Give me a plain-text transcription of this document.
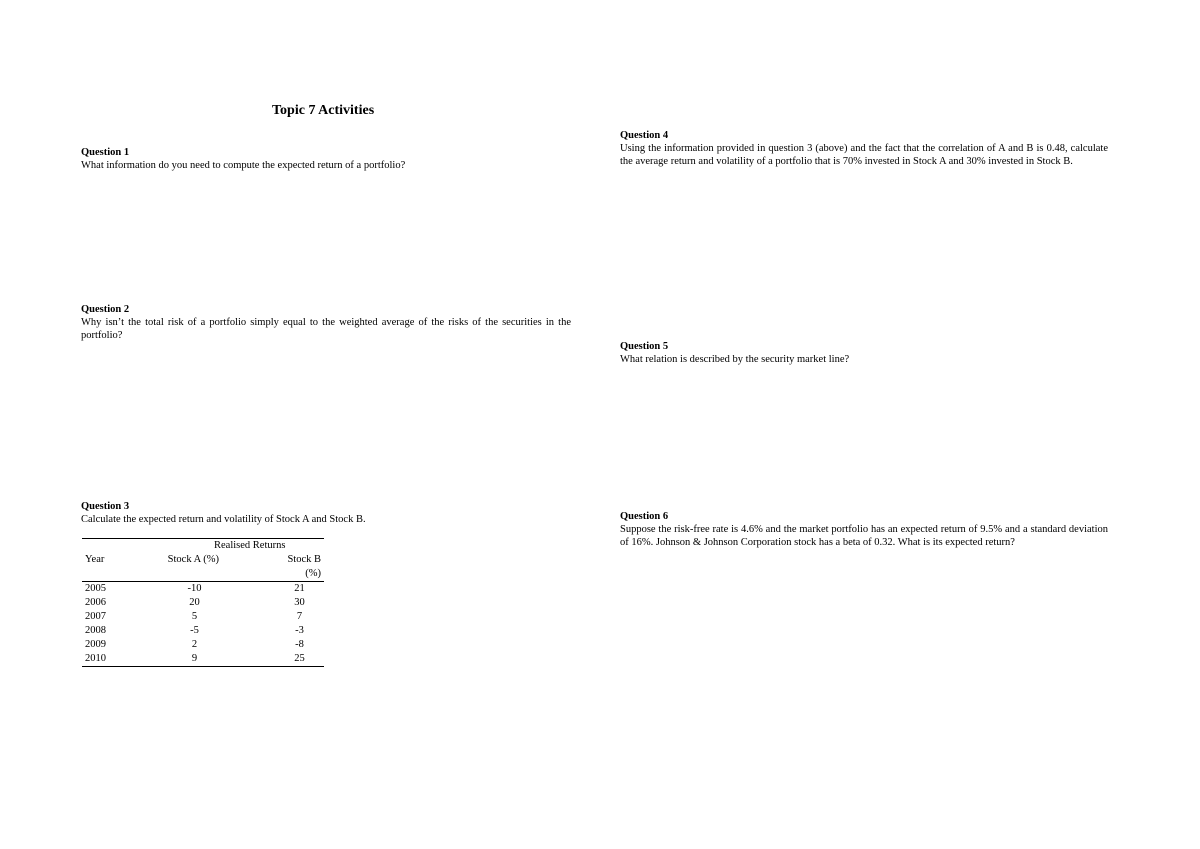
Topic 7 Activities
Question 1
What information do you need to compute the expected return of a portfolio?
Question 2
Why isn’t the total risk of a portfolio simply equal to the weighted average of the risks of the securities in the portfolio?
Question 3
Calculate the expected return and volatility of Stock A and Stock B.
	Realised Returns	
Year	Stock A (%)	Stock B

		(%)
2005	-10	21
2006	20	30
2007	5	7
2008	-5	-3
2009	2	-8
2010	9	25
Question 4
Using the information provided in question 3 (above) and the fact that the correlation of A and B is 0.48, calculate the average return and volatility of a portfolio that is 70% invested in Stock A and 30% invested in Stock B.
Question 5
What relation is described by the security market line?
Question 6
Suppose the risk-free rate is 4.6% and the market portfolio has an expected return of 9.5% and a standard deviation of 16%. Johnson & Johnson Corporation stock has a beta of 0.32. What is its expected return?
